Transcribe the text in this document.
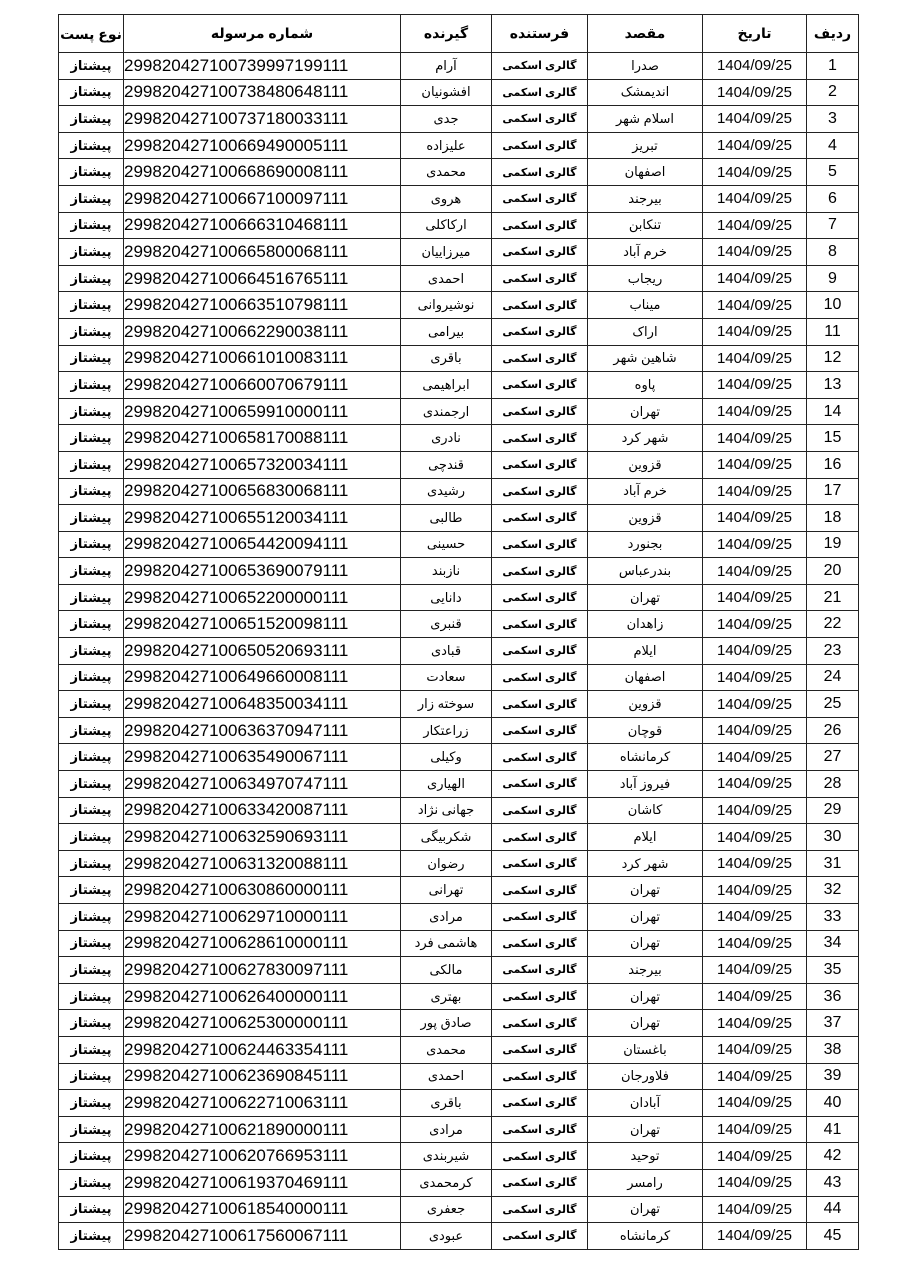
ردیف	تاریخ	مقصد	فرستنده	گیرنده	شماره مرسوله	نوع پست
1	1404/09/25	صدرا	گالری اسکمی	آرام	299820427100739997199111	پیشتاز
2	1404/09/25	اندیمشک	گالری اسکمی	افشونیان	299820427100738480648111	پیشتاز
3	1404/09/25	اسلام شهر	گالری اسکمی	جدی	299820427100737180033111	پیشتاز
4	1404/09/25	تبریز	گالری اسکمی	علیزاده	299820427100669490005111	پیشتاز
5	1404/09/25	اصفهان	گالری اسکمی	محمدی	299820427100668690008111	پیشتاز
6	1404/09/25	بیرجند	گالری اسکمی	هروی	299820427100667100097111	پیشتاز
7	1404/09/25	تنکابن	گالری اسکمی	اركاكلی	299820427100666310468111	پیشتاز
8	1404/09/25	خرم آباد	گالری اسکمی	میرزاییان	299820427100665800068111	پیشتاز
9	1404/09/25	ریجاب	گالری اسکمی	احمدی	299820427100664516765111	پیشتاز
10	1404/09/25	میناب	گالری اسکمی	نوشیروانی	299820427100663510798111	پیشتاز
11	1404/09/25	اراک	گالری اسکمی	بیرامی	299820427100662290038111	پیشتاز
12	1404/09/25	شاهین شهر	گالری اسکمی	باقری	299820427100661010083111	پیشتاز
13	1404/09/25	پاوه	گالری اسکمی	ابراهیمی	299820427100660070679111	پیشتاز
14	1404/09/25	تهران	گالری اسکمی	ارجمندی	299820427100659910000111	پیشتاز
15	1404/09/25	شهر کرد	گالری اسکمی	نادری	299820427100658170088111	پیشتاز
16	1404/09/25	قزوین	گالری اسکمی	قندچی	299820427100657320034111	پیشتاز
17	1404/09/25	خرم آباد	گالری اسکمی	رشیدی	299820427100656830068111	پیشتاز
18	1404/09/25	قزوین	گالری اسکمی	طالبی	299820427100655120034111	پیشتاز
19	1404/09/25	بجنورد	گالری اسکمی	حسینی	299820427100654420094111	پیشتاز
20	1404/09/25	بندرعباس	گالری اسکمی	نازبند	299820427100653690079111	پیشتاز
21	1404/09/25	تهران	گالری اسکمی	دانایی	299820427100652200000111	پیشتاز
22	1404/09/25	زاهدان	گالری اسکمی	قنبری	299820427100651520098111	پیشتاز
23	1404/09/25	ایلام	گالری اسکمی	قبادی	299820427100650520693111	پیشتاز
24	1404/09/25	اصفهان	گالری اسکمی	سعادت	299820427100649660008111	پیشتاز
25	1404/09/25	قزوین	گالری اسکمی	سوخته زار	299820427100648350034111	پیشتاز
26	1404/09/25	قوچان	گالری اسکمی	زراعتکار	299820427100636370947111	پیشتاز
27	1404/09/25	کرمانشاه	گالری اسکمی	وکیلی	299820427100635490067111	پیشتاز
28	1404/09/25	فیروز آباد	گالری اسکمی	الهیاری	299820427100634970747111	پیشتاز
29	1404/09/25	کاشان	گالری اسکمی	جهانی نژاد	299820427100633420087111	پیشتاز
30	1404/09/25	ایلام	گالری اسکمی	شکربیگی	299820427100632590693111	پیشتاز
31	1404/09/25	شهر کرد	گالری اسکمی	رضوان	299820427100631320088111	پیشتاز
32	1404/09/25	تهران	گالری اسکمی	تهرانی	299820427100630860000111	پیشتاز
33	1404/09/25	تهران	گالری اسکمی	مرادی	299820427100629710000111	پیشتاز
34	1404/09/25	تهران	گالری اسکمی	هاشمی فرد	299820427100628610000111	پیشتاز
35	1404/09/25	بیرجند	گالری اسکمی	مالکی	299820427100627830097111	پیشتاز
36	1404/09/25	تهران	گالری اسکمی	بهتری	299820427100626400000111	پیشتاز
37	1404/09/25	تهران	گالری اسکمی	صادق پور	299820427100625300000111	پیشتاز
38	1404/09/25	باغستان	گالری اسکمی	محمدی	299820427100624463354111	پیشتاز
39	1404/09/25	فلاورجان	گالری اسکمی	احمدی	299820427100623690845111	پیشتاز
40	1404/09/25	آبادان	گالری اسکمی	باقری	299820427100622710063111	پیشتاز
41	1404/09/25	تهران	گالری اسکمی	مرادی	299820427100621890000111	پیشتاز
42	1404/09/25	توحید	گالری اسکمی	شیربندی	299820427100620766953111	پیشتاز
43	1404/09/25	رامسر	گالری اسکمی	کرمحمدی	299820427100619370469111	پیشتاز
44	1404/09/25	تهران	گالری اسکمی	جعفری	299820427100618540000111	پیشتاز
45	1404/09/25	کرمانشاه	گالری اسکمی	عبودی	299820427100617560067111	پیشتاز
